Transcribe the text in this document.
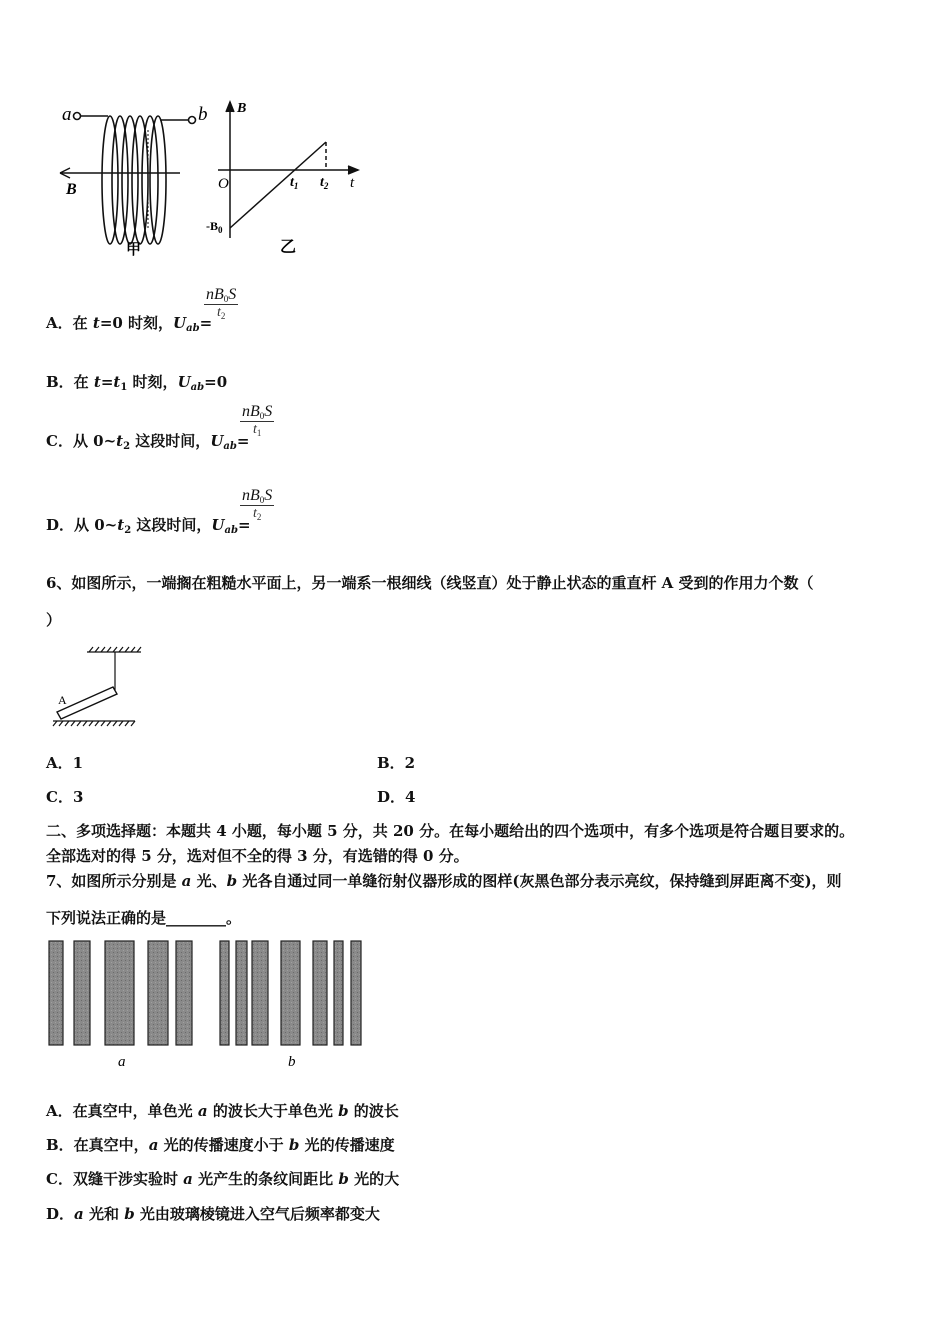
a	b
B
甲
B
t
O
$-B_0$
$t_1$ $t_2$
乙
A．在 t=0 时刻，$U_{ab}=$
$\frac{nB0S}{t_2}$
B．在 $t=t_1$ 时刻，$U_{ab}=0$
C．从 $0\sim t_2$ 这段时间，$U_{ab}=$
$\frac{nB0S}{t_1}$
D．从 $0\sim t_2$ 这段时间，$U_{ab}=$
$\frac{nB0S}{t_2}$
6、如图所示，一端搁在粗糙水平面上，另一端系一根细线（线竖直）处于静止状态的重直杆 A 受到的作用力个数（
）
A
A．1	B．2
C．3	D．4
二、多项选择题：本题共 4 小题，每小题 5 分，共 20 分。在每小题给出的四个选项中，有多个选项是符合题目要求的。
全部选对的得 5 分，选对但不全的得 3 分，有选错的得 0 分。
7、如图所示分别是 a 光、b 光各自通过同一单缝衍射仪器形成的图样(灰黑色部分表示亮纹，保持缝到屏距离不变)，则
下列说法正确的是________。
a	b
A．在真空中，单色光 a 的波长大于单色光 b 的波长
B．在真空中，a 光的传播速度小于 b 光的传播速度
C．双缝干涉实验时 a 光产生的条纹间距比 b 光的大
D．a 光和 b 光由玻璃棱镜进入空气后频率都变大
